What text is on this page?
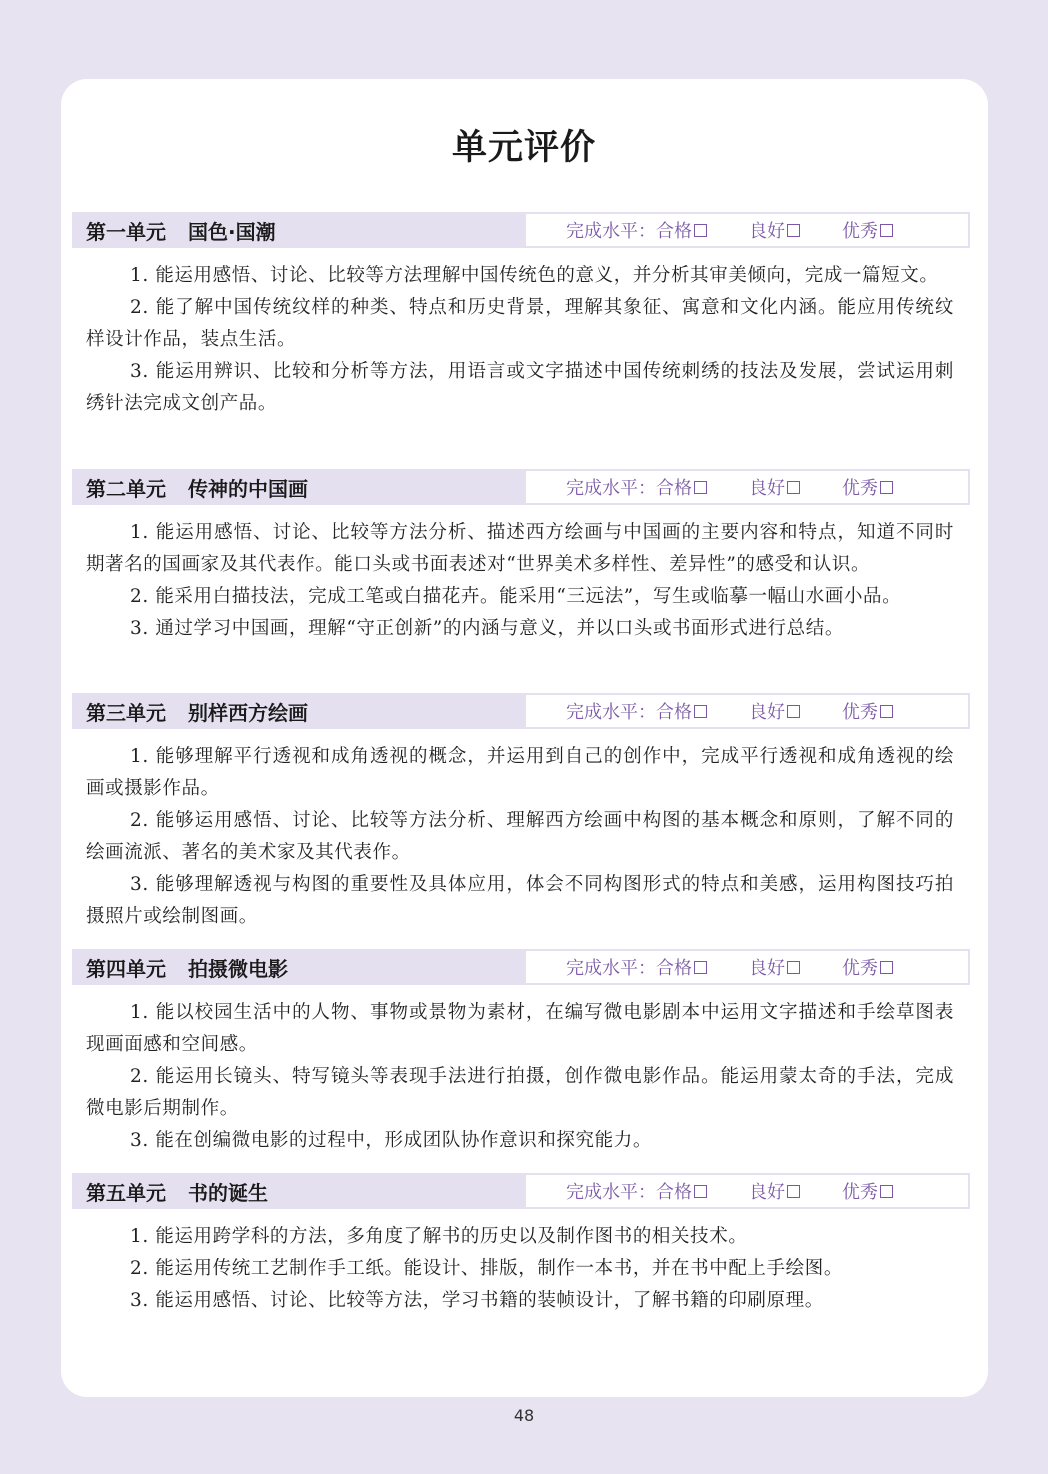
单元评价
第一单元 国色·国潮	完成水平： 合格	良好	优秀

1. 能运用感悟、讨论、比较等方法理解中国传统色的意义，并分析其审美倾向，完成一篇短文。

2. 能了解中国传统纹样的种类、特点和历史背景，理解其象征、寓意和文化内涵。能应用传统纹样设计作品，装点生活。

3. 能运用辨识、比较和分析等方法，用语言或文字描述中国传统刺绣的技法及发展，尝试运用刺绣针法完成文创产品。

第二单元 传神的中国画	完成水平： 合格	良好	优秀

1. 能运用感悟、讨论、比较等方法分析、描述西方绘画与中国画的主要内容和特点，知道不同时期著名的国画家及其代表作。能口头或书面表述对“世界美术多样性、差异性”的感受和认识。

2. 能采用白描技法，完成工笔或白描花卉。能采用“三远法”，写生或临摹一幅山水画小品。

3. 通过学习中国画，理解“守正创新”的内涵与意义，并以口头或书面形式进行总结。

第三单元 别样西方绘画	完成水平： 合格	良好	优秀

1. 能够理解平行透视和成角透视的概念，并运用到自己的创作中，完成平行透视和成角透视的绘画或摄影作品。

2. 能够运用感悟、讨论、比较等方法分析、理解西方绘画中构图的基本概念和原则，了解不同的绘画流派、著名的美术家及其代表作。

3. 能够理解透视与构图的重要性及具体应用，体会不同构图形式的特点和美感，运用构图技巧拍摄照片或绘制图画。

第四单元 拍摄微电影	完成水平： 合格	良好	优秀

1. 能以校园生活中的人物、事物或景物为素材，在编写微电影剧本中运用文字描述和手绘草图表现画面感和空间感。

2. 能运用长镜头、特写镜头等表现手法进行拍摄，创作微电影作品。能运用蒙太奇的手法，完成微电影后期制作。

3. 能在创编微电影的过程中，形成团队协作意识和探究能力。

第五单元 书的诞生	完成水平： 合格	良好	优秀

1. 能运用跨学科的方法，多角度了解书的历史以及制作图书的相关技术。

2. 能运用传统工艺制作手工纸。能设计、排版，制作一本书，并在书中配上手绘图。

3. 能运用感悟、讨论、比较等方法，学习书籍的装帧设计，了解书籍的印刷原理。

48
